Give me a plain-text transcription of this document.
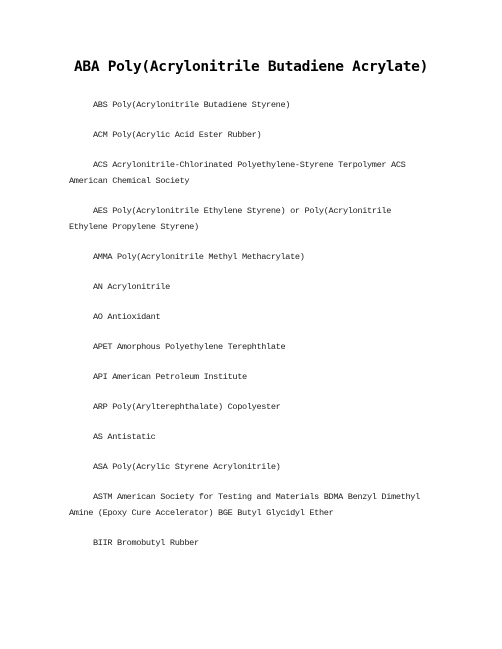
ABA Poly(Acrylonitrile Butadiene Acrylate)

ABS Poly(Acrylonitrile Butadiene Styrene)

ACM Poly(Acrylic Acid Ester Rubber)

ACS Acrylonitrile-Chlorinated Polyethylene-Styrene Terpolymer ACS American Chemical Society

AES Poly(Acrylonitrile Ethylene Styrene) or Poly(Acrylonitrile Ethylene Propylene Styrene)

AMMA Poly(Acrylonitrile Methyl Methacrylate)

AN Acrylonitrile

AO Antioxidant

APET Amorphous Polyethylene Terephthlate

API American Petroleum Institute

ARP Poly(Arylterephthalate) Copolyester

AS Antistatic

ASA Poly(Acrylic Styrene Acrylonitrile)

ASTM American Society for Testing and Materials BDMA Benzyl Dimethyl Amine (Epoxy Cure Accelerator) BGE Butyl Glycidyl Ether

BIIR Bromobutyl Rubber
